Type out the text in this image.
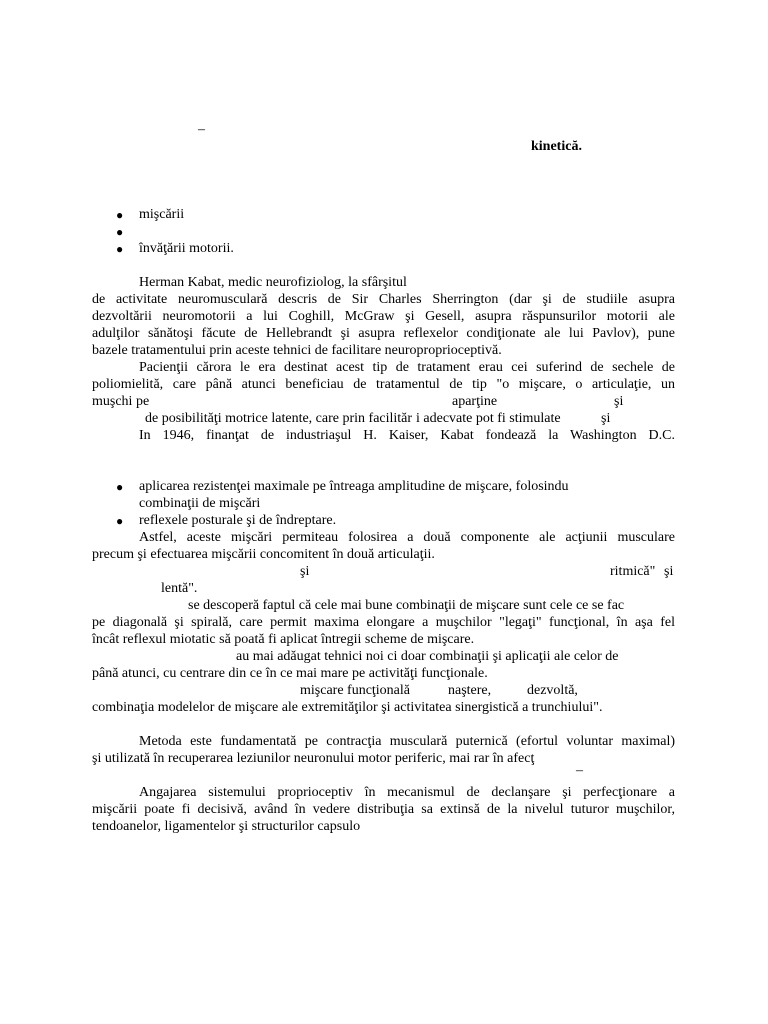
–
kinetică.
● mişcării
●
● învăţării motorii.
Herman Kabat, medic neurofiziolog, la sfârşitul
de activitate neuromusculară descris de Sir Charles Sherrington (dar şi de studiile asupra
dezvoltării neuromotorii a lui Coghill, McGraw şi Gesell, asupra răspunsurilor motorii ale
adulţilor sănătoşi făcute de Hellebrandt şi asupra reflexelor condiţionate ale lui Pavlov), pune
bazele tratamentului prin aceste tehnici de facilitare neuroproprioceptivă.
Pacienţii cărora le era destinat acest tip de tratament erau cei suferind de sechele de
poliomielită, care până atunci beneficiau de tratamentul de tip "o mişcare, o articulaţie, un
muşchi pe	aparţine	şi
de posibilităţi motrice latente, care prin facilităr i adecvate pot fi stimulate	şi
In 1946, finanţat de industriaşul H. Kaiser, Kabat fondează la Washington D.C.
● aplicarea rezistenţei maximale pe întreaga amplitudine de mişcare, folosindu
combinaţii de mişcări
● reflexele posturale şi de îndreptare.
Astfel, aceste mişcări permiteau folosirea a două componente ale acţiunii musculare
precum şi efectuarea mişcării concomitent în două articulaţii.
şi	ritmică" şi
lentă".
se descoperă faptul că cele mai bune combinaţii de mişcare sunt cele ce se fac
pe diagonală şi spirală, care permit maxima elongare a muşchilor "legaţi" funcţional, în aşa fel
încât reflexul miotatic să poată fi aplicat întregii scheme de mişcare.
au mai adăugat tehnici noi ci doar combinaţii şi aplicaţii ale celor de
până atunci, cu centrare din ce în ce mai mare pe activităţi funcţionale.
mişcare funcţională	naştere,	dezvoltă,
combinaţia modelelor de mişcare ale extremităţilor şi activitatea sinergistică a trunchiului".
Metoda este fundamentată pe contracţia musculară puternică (efortul voluntar maximal)
şi utilizată în recuperarea leziunilor neuronului motor periferic, mai rar în afecţ
–
Angajarea sistemului proprioceptiv în mecanismul de declanşare şi perfecţionare a
mişcării poate fi decisivă, având în vedere distribuţia sa extinsă de la nivelul tuturor muşchilor,
tendoanelor, ligamentelor şi structurilor capsulo
